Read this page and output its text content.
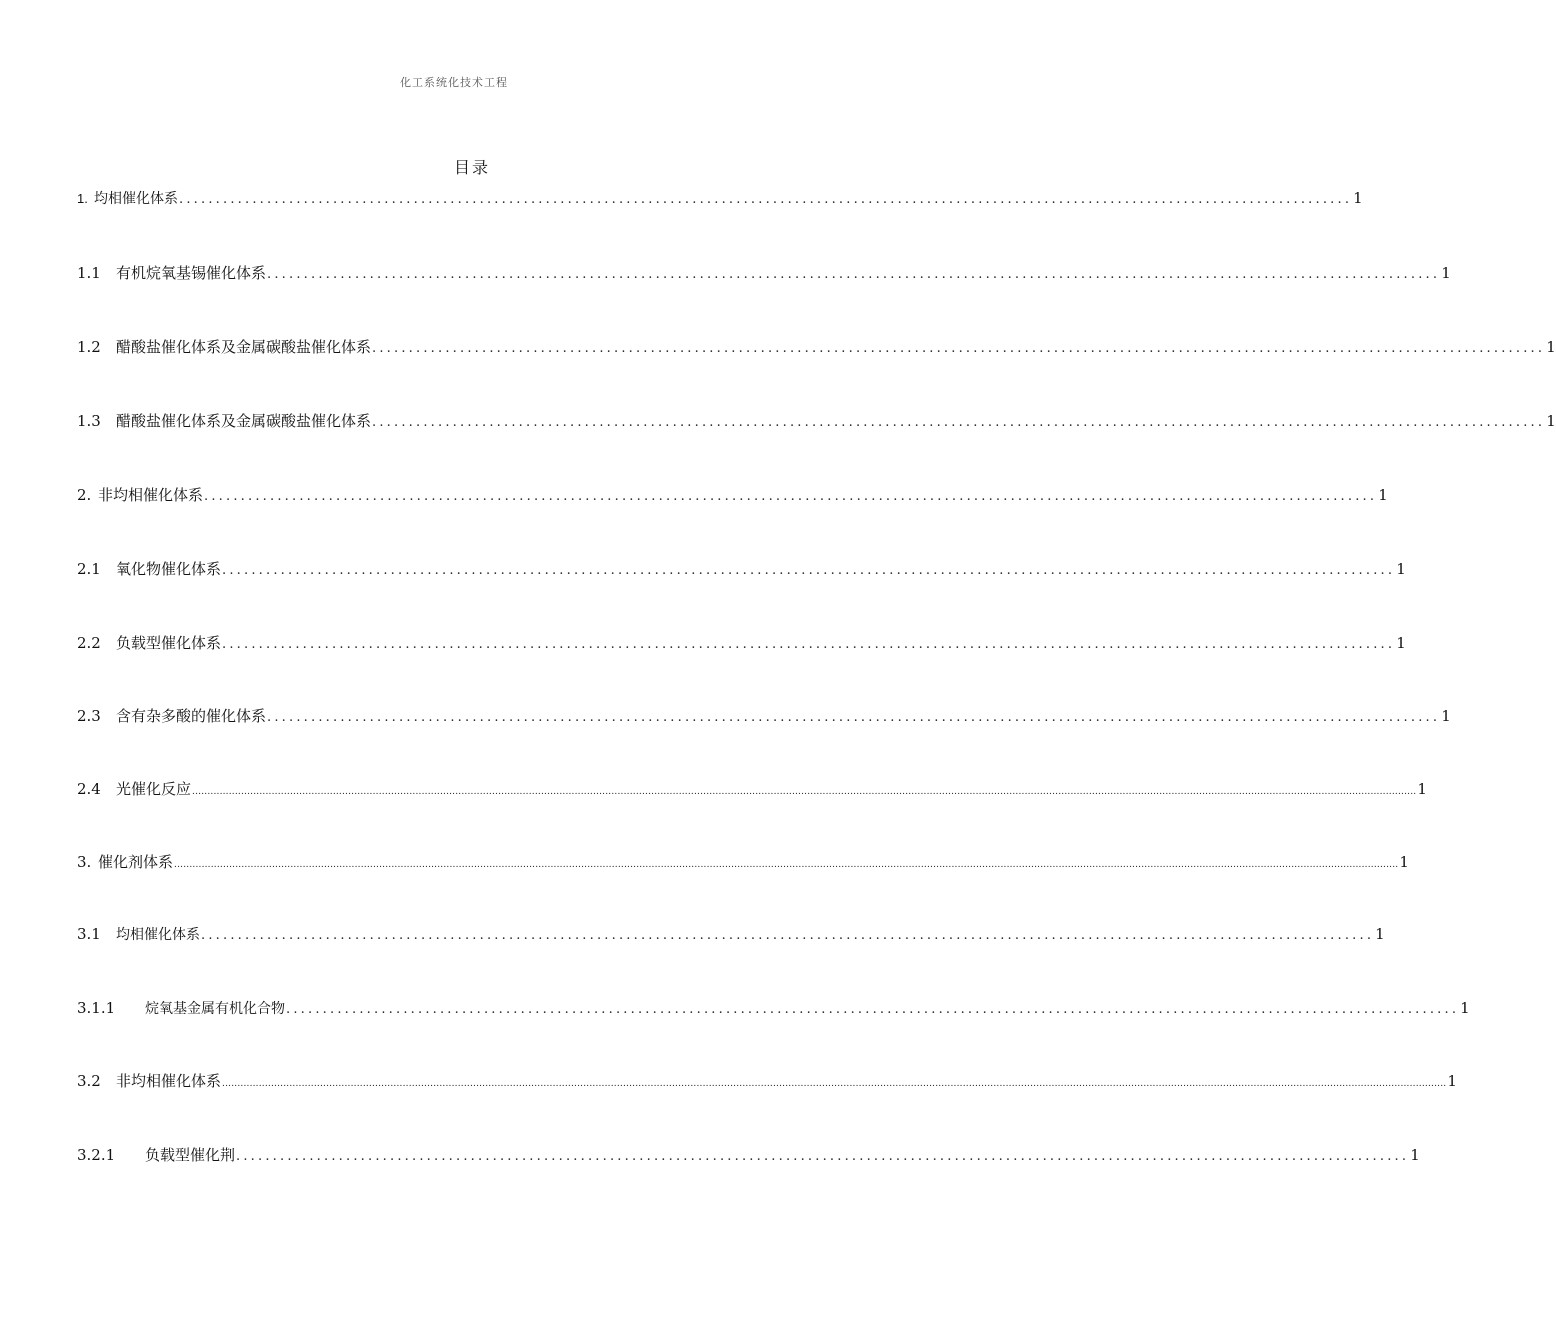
化工系统化技术工程
目录
1. 均相催化体系 ................................................................................................................................................................ 1
1.1	有机烷氧基锡催化体系 ................................................................................................................................................................ 1
1.2	醋酸盐催化体系及金属碳酸盐催化体系 ................................................................................................................................................................ 1
1.3	醋酸盐催化体系及金属碳酸盐催化体系 ................................................................................................................................................................ 1
2. 非均相催化体系 ................................................................................................................................................................ 1
2.1	氧化物催化体系 ................................................................................................................................................................ 1
2.2	负载型催化体系 ................................................................................................................................................................ 1
2.3	含有杂多酸的催化体系 ................................................................................................................................................................ 1
2.4	光催化反应 ................................................................................................................................................................................................................................................................................................................................................................................................................ 1
3. 催化剂体系 ................................................................................................................................................................................................................................................................................................................................................................................................................ 1
3.1	均相催化体系 ................................................................................................................................................................ 1
3.1.1	烷氧基金属有机化合物 ................................................................................................................................................................ 1
3.2	非均相催化体系 ................................................................................................................................................................................................................................................................................................................................................................................................................ 1
3.2.1	负载型催化荆 ................................................................................................................................................................ 1
